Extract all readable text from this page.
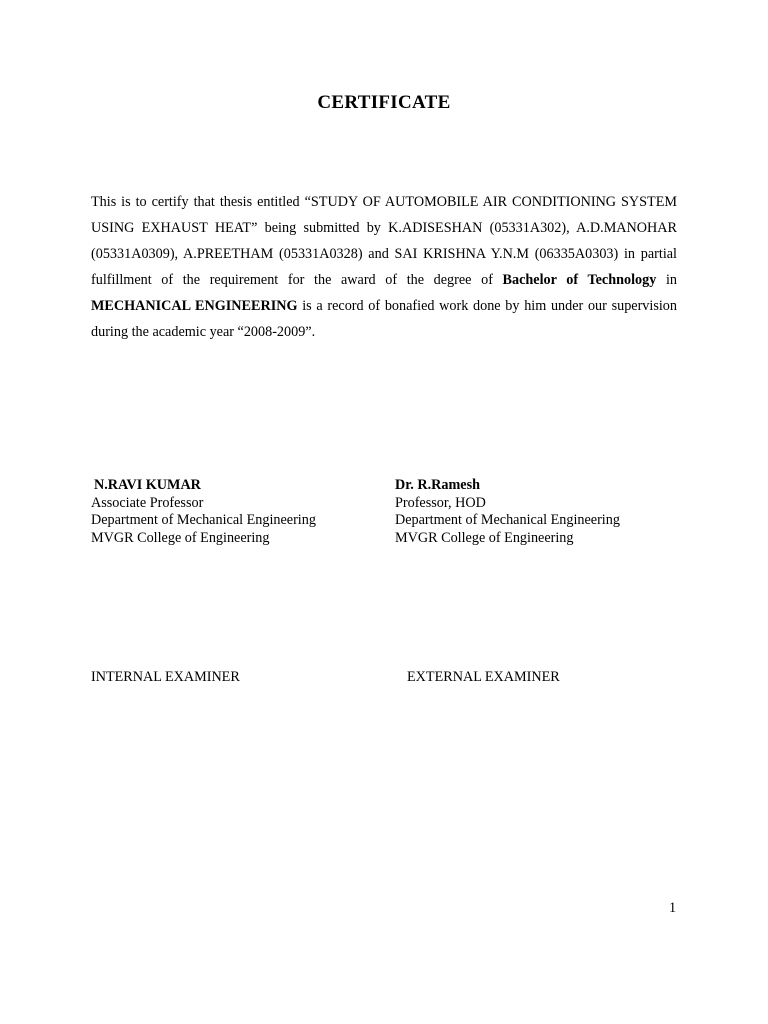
CERTIFICATE
This is to certify that thesis entitled “STUDY OF AUTOMOBILE AIR CONDITIONING SYSTEM USING EXHAUST HEAT” being submitted by K.ADISESHAN (05331A302), A.D.MANOHAR (05331A0309), A.PREETHAM (05331A0328) and SAI KRISHNA Y.N.M (06335A0303) in partial fulfillment of the requirement for the award of the degree of Bachelor of Technology in MECHANICAL ENGINEERING is a record of bonafied work done by him under our supervision during the academic year “2008-2009”.
N.RAVI KUMAR
Associate Professor
Department of Mechanical Engineering
MVGR College of Engineering
Dr. R.Ramesh
Professor, HOD
Department of Mechanical Engineering
MVGR College of Engineering
INTERNAL EXAMINER	EXTERNAL EXAMINER
1
